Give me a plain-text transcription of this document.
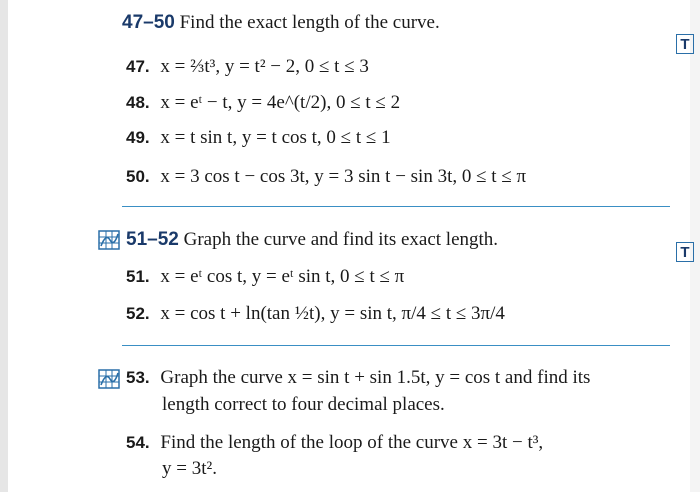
47–50 Find the exact length of the curve.
T
47. x = ⅔t³, y = t² − 2, 0 ≤ t ≤ 3
48. x = eᵗ − t, y = 4e^(t/2), 0 ≤ t ≤ 2
49. x = t sin t, y = t cos t, 0 ≤ t ≤ 1
50. x = 3 cos t − cos 3t, y = 3 sin t − sin 3t, 0 ≤ t ≤ π
51–52 Graph the curve and find its exact length.
T
51. x = eᵗ cos t, y = eᵗ sin t, 0 ≤ t ≤ π
52. x = cos t + ln(tan ½t), y = sin t, π/4 ≤ t ≤ 3π/4
53. Graph the curve x = sin t + sin 1.5t, y = cos t and find its
length correct to four decimal places.
54. Find the length of the loop of the curve x = 3t − t³,
y = 3t².
